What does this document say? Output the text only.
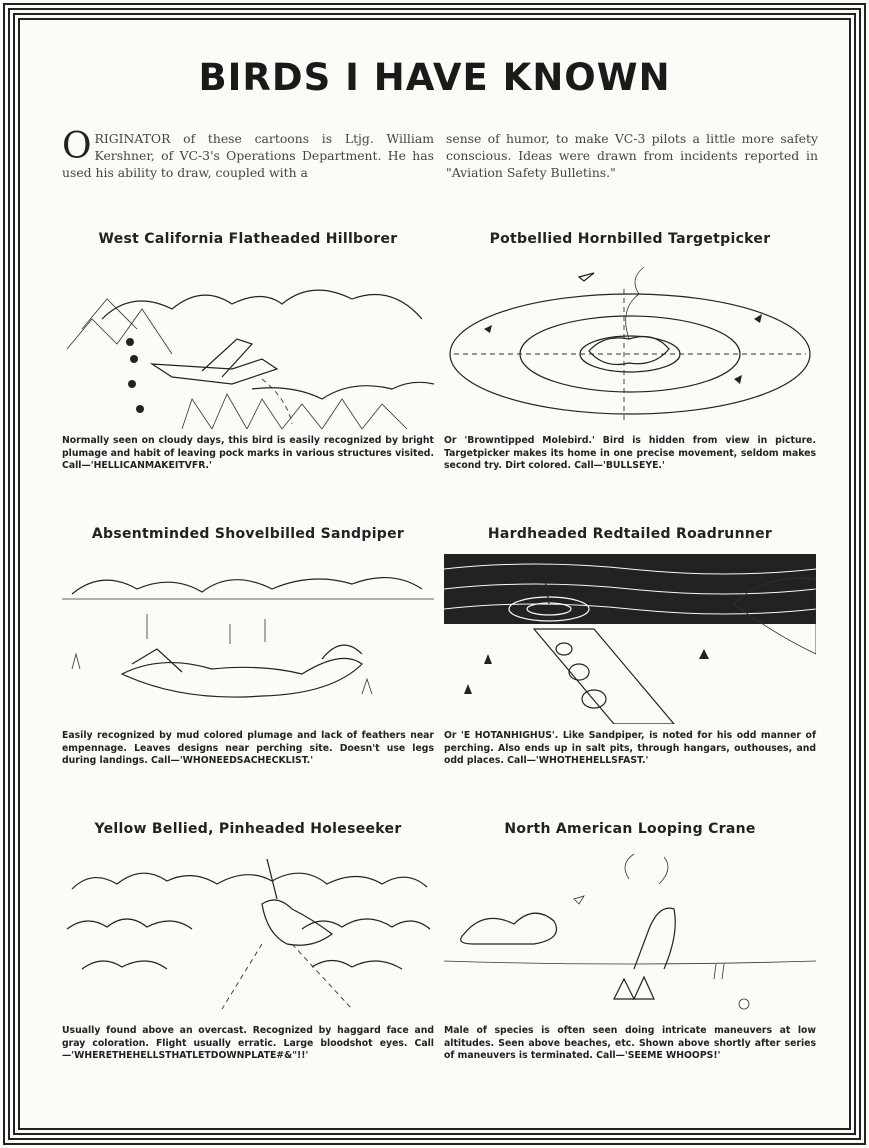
BIRDS I HAVE KNOWN

ORIGINATOR of these cartoons is Ltjg. William Kershner, of VC-3's Operations Department. He has used his ability to draw, coupled with a

sense of humor, to make VC-3 pilots a little more safety conscious. Ideas were drawn from incidents reported in "Aviation Safety Bulletins."

West California Flatheaded Hillborer

Normally seen on cloudy days, this bird is easily recognized by bright plumage and habit of leaving pock marks in various structures visited. Call—'HELLICANMAKEITVFR.'

Potbellied Hornbilled Targetpicker

Or 'Browntipped Molebird.' Bird is hidden from view in picture. Targetpicker makes its home in one precise movement, seldom makes second try. Dirt colored. Call—'BULLSEYE.'

Absentminded Shovelbilled Sandpiper

Easily recognized by mud colored plumage and lack of feathers near empennage. Leaves designs near perching site. Doesn't use legs during landings. Call—'WHONEEDSACHECKLIST.'

Hardheaded Redtailed Roadrunner

Or 'E HOTANHIGHUS'. Like Sandpiper, is noted for his odd manner of perching. Also ends up in salt pits, through hangars, outhouses, and odd places. Call—'WHOTHEHELLSFAST.'

Yellow Bellied, Pinheaded Holeseeker

Usually found above an overcast. Recognized by haggard face and gray coloration. Flight usually erratic. Large bloodshot eyes. Call—'WHERETHEHELLSTHATLETDOWNPLATE#&"!!'

North American Looping Crane

Male of species is often seen doing intricate maneuvers at low altitudes. Seen above beaches, etc. Shown above shortly after series of maneuvers is terminated. Call—'SEEME WHOOPS!'
